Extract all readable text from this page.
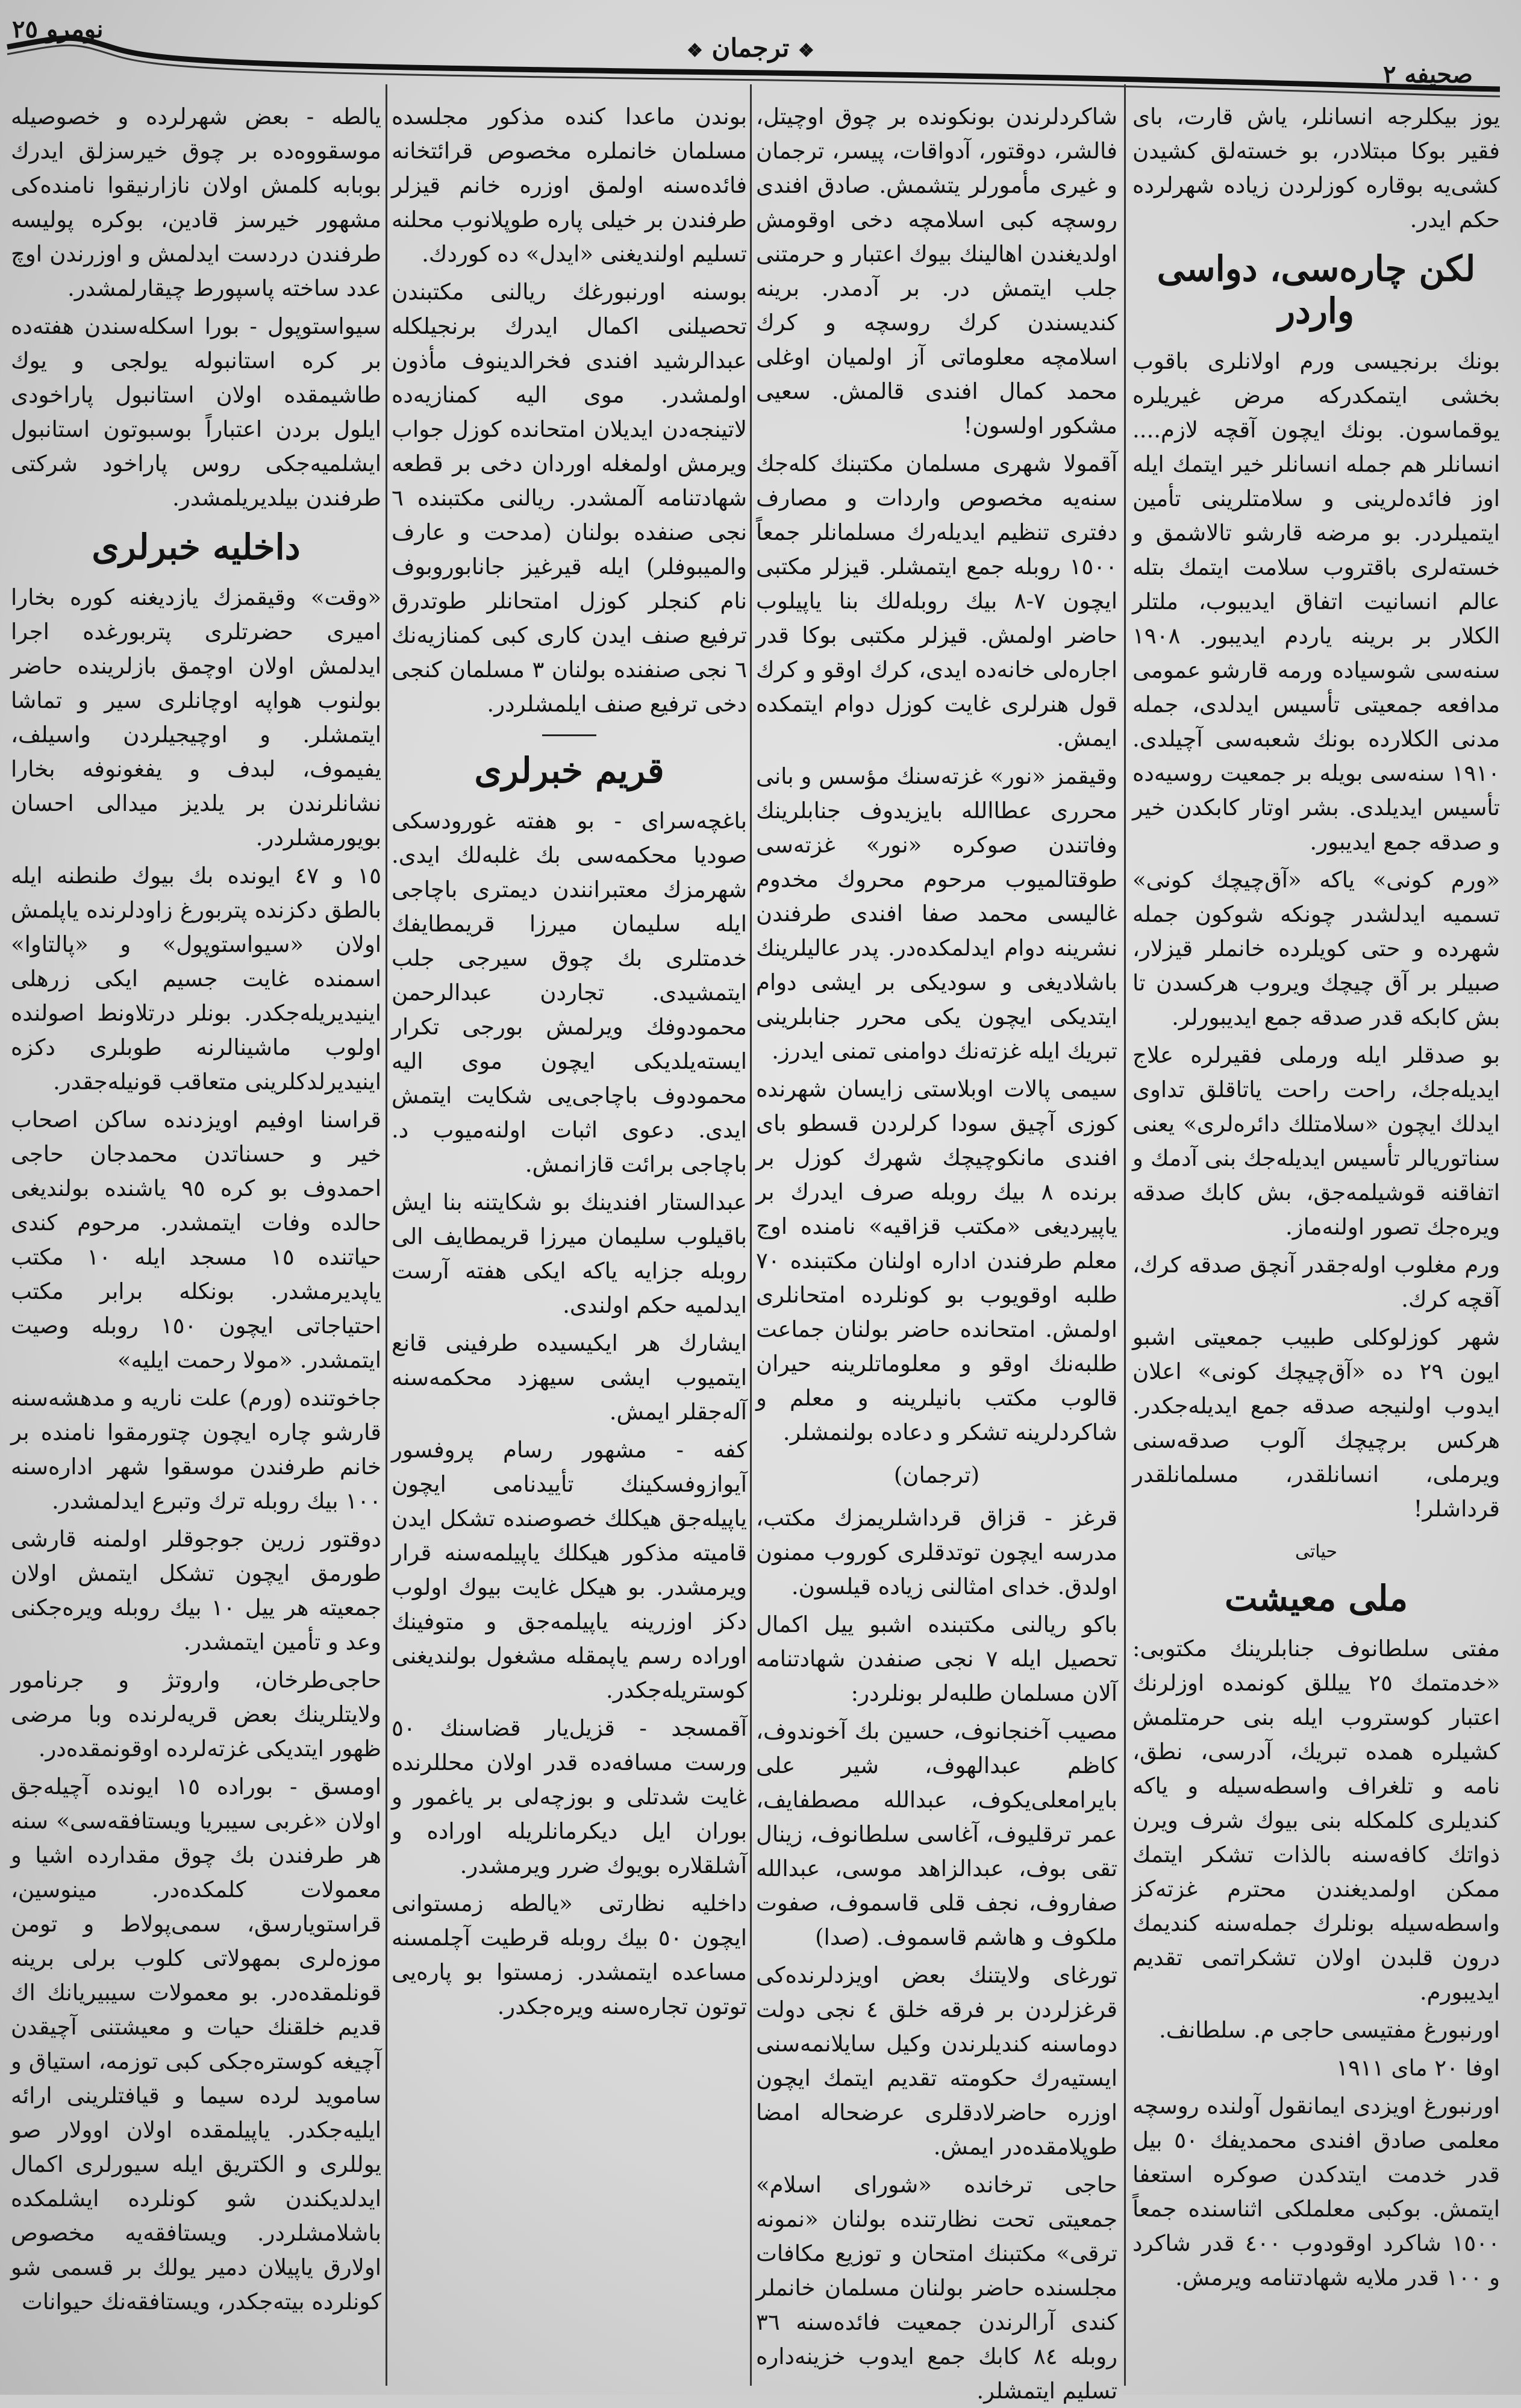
نومرو ٢٥
❖ ترجمان ❖
صحیفه ٢

یوز بیکلرجه انسانلر، یاش قارت، بای فقیر بوکا مبتلادر، بو خسته‌لق کشیدن کشی‌یه بوقاره کوزلردن زیاده شهرلرده حکم ایدر.

لکن چاره‌سی، دواسی واردر

بونك برنجیسی ورم اولانلری باقوب بخشی ایتمکدرکه مرض غیریلره یوقماسون. بونك ایچون آقچه لازم.... انسانلر هم جمله انسانلر خیر ایتمك ایله اوز فائده‌لرینی و سلامتلرینی تأمین ایتمیلردر. بو مرضه قارشو تالاشمق و خسته‌لری باقتروب سلامت ایتمك بتله عالم انسانیت اتفاق ایدیبوب، ملتلر الکلار بر برینه یاردم ایدیبور. ١٩٠٨ سنه‌سی شوسیاده ورمه قارشو عمومی مدافعه جمعیتی تأسیس ایدلدی، جمله مدنی الکلارده بونك شعبه‌سی آچیلدی. ١٩١٠ سنه‌سی بویله بر جمعیت روسیه‌ده تأسیس ایدیلدی. بشر اوتار کابکدن خیر و صدقه جمع ایدیبور.

«ورم کونی» یاکه «آق‌چیچك کونی» تسمیه ایدلشدر چونکه شوکون جمله شهرده و حتی کویلرده خانملر قیزلار، صبیلر بر آق چیچك ویروب هرکسدن تا بش کابکه قدر صدقه جمع ایدیبورلر.

بو صدقلر ایله ورملی فقیرلره علاج ایدیله‌جك، راحت راحت یاتاقلق تداوی ایدلك ایچون «سلامتلك دائره‌لری» یعنی سناتوریالر تأسیس ایدیله‌جك بنی آدمك و اتفاقنه قوشیلمه‌جق، بش کابك صدقه ویره‌جك تصور اولنه‌ماز.

ورم مغلوب اوله‌جقدر آنچق صدقه کرك، آقچه کرك.

شهر کوزلوکلی طبیب جمعیتی اشبو ایون ٢٩ ده «آق‌چیچك کونی» اعلان ایدوب اولنیجه صدقه جمع ایدیلە‌جکدر. هرکس برچیچك آلوب صدقه‌سنی ویرملی، انسانلقدر، مسلمانلقدر قرداشلر!

حیاتی
ملی معیشت

مفتی سلطانوف جنابلرینك مکتوبی: «خدمتمك ٢٥ ییللق کونمده اوزلرنك اعتبار کوستروب ایله بنی حرمتلمش کشیلره همده تبریك، آدرسی، نطق، نامه و تلغراف واسطه‌سیله و یاکه کندیلری کلمکله بنی بیوك شرف ویرن ذواتك کافه‌سنه بالذات تشکر ایتمك ممکن اولمدیغندن محترم غزته‌کز واسطه‌سیله بونلرك جمله‌سنه کندیمك درون قلبدن اولان تشکراتمی تقدیم ایدیبورم.

اورنبورغ مفتیسی حاجی م. سلطانف.

اوفا ٢٠ مای ١٩١١

اورنبورغ اویزدی ایمانقول آولنده روسچه معلمی صادق افندی محمدیفك ٥٠ بیل قدر خدمت ایتدکدن صوکره استعفا ایتمش. بوکبی معلملکی اثناسنده جمعاً ١٥٠٠ شاکرد اوقودوب ٤٠٠ قدر شاکرد و ١٠٠ قدر ملایه شهادتنامه ویرمش.

شاکردلرندن بونکونده بر چوق اوچیتل، فالشر، دوقتور، آدواقات، پیسر، ترجمان و غیری مأمورلر یتشمش. صادق افندی روسچه کبی اسلامچه دخی اوقومش اولدیغندن اهالینك بیوك اعتبار و حرمتنی جلب ایتمش در. بر آدمدر. برینه کندیسندن کرك روسچه و کرك اسلامچه معلوماتی آز اولمیان اوغلی محمد کمال افندی قالمش. سعیی مشکور اولسون!

آقمولا شهری مسلمان مکتبنك کله‌جك سنه‌یه مخصوص واردات و مصارف دفتری تنظیم ایدیله‌رك مسلمانلر جمعاً ١٥٠٠ روبله جمع ایتمشلر. قیزلر مکتبی ایچون ٧-٨ بیك روبله‌لك بنا یاپیلوب حاضر اولمش. قیزلر مکتبی بوکا قدر اجاره‌لی خانه‌ده ایدی، کرك اوقو و کرك قول هنرلری غایت کوزل دوام ایتمکده ایمش.

وقیقمز «نور» غزته‌سنك مؤسس و بانی محرری عطاالله بایزیدوف جنابلرینك وفاتندن صوکره «نور» غزته‌سی طوقتالمیوب مرحوم محروك مخدوم غالیسی محمد صفا افندی طرفندن نشرینه دوام ایدلمکده‌در. پدر عالیلرینك باشلادیغی و سودیکی بر ایشی دوام ایتدیکی ایچون یکی محرر جنابلرینی تبریك ایله غزته‌نك دوامنی تمنی ایدرز.

سیمی پالات اوبلاستی زایسان شهرنده کوزی آچیق سودا کرلردن قسطو بای افندی مانکوچیچك شهرك کوزل بر برنده ٨ بیك روبله صرف ایدرك بر یاپیردیغی «مکتب قزاقیه» نامنده اوج معلم طرفندن اداره اولنان مکتبنده ٧٠ طلبه اوقویوب بو کونلرده امتحانلری اولمش. امتحانده حاضر بولنان جماعت طلبه‌نك اوقو و معلوماتلرینه حیران قالوب مکتب بانیلرینه و معلم و شاکردلرینه تشکر و دعاده بولنمشلر.

(ترجمان)

قرغز - قزاق قرداشلریمزك مکتب، مدرسه ایچون توتدقلری کوروب ممنون اولدق. خدای امثالنی زیاده قیلسون.

باکو ریالنی مکتبنده اشبو ییل اکمال تحصیل ایله ٧ نجی صنفدن شهادتنامه آلان مسلمان طلبه‌لر بونلردر:

مصیب آخنجانوف، حسین بك آخوندوف، کاظم عبدالهوف، شیر علی بایرامعلی‌یکوف، عبدالله مصطفایف، عمر ترقلیوف، آغاسی سلطانوف، زینال تقی بوف، عبدالزاهد موسی، عبدالله صفاروف، نجف قلی قاسموف، صفوت ملکوف و هاشم قاسموف. (صدا)

تورغای ولایتنك بعض اویزدلرنده‌کی قرغزلردن بر فرقه خلق ٤ نجی دولت دوماسنه کندیلرندن وکیل سایلانمه‌سنی ایستیه‌رك حکومته تقدیم ایتمك ایچون اوزره حاضرلادقلری عرضحاله امضا طوپلامقده‌در ایمش.

حاجی ترخانده «شورای اسلام» جمعیتی تحت نظارتنده بولنان «نمونه ترقی» مکتبنك امتحان و توزیع مکافات مجلسنده حاضر بولنان مسلمان خانملر کندی آرالرندن جمعیت فائده‌سنه ٣٦ روبله ٨٤ کابك جمع ایدوب خزینه‌داره تسلیم ایتمشلر.

بوندن ماعدا کنده مذکور مجلسده مسلمان خانملره مخصوص قرائتخانه فائده‌سنه اولمق اوزره خانم قیزلر طرفندن بر خیلی پاره طوپلانوب محلنه تسلیم اولندیغنی «ایدل» ده کوردك.

بوسنه اورنبورغك ریالنی مکتبندن تحصیلنی اکمال ایدرك برنجیلکله عبدالرشید افندی فخرالدینوف مأذون اولمشدر. موی الیه کمنازیه‌ده لاتینجه‌دن ایدیلان امتحانده کوزل جواب ویرمش اولمغله اوردان دخی بر قطعه شهادتنامه آلمشدر. ریالنی مکتبنده ٦ نجی صنفده بولنان (مدحت و عارف والمیبوفلر) ایله قیرغیز جانابوروبوف نام کنجلر کوزل امتحانلر طوتدرق ترفیع صنف ایدن کاری کبی کمنازیه‌نك ٦ نجی صنفنده بولنان ٣ مسلمان کنجی دخی ترفیع صنف ایلمشلردر.

قریم خبرلری

باغچه‌سرای - بو هفته غورودسکی صودیا محکمه‌سی بك غلبه‌لك ایدی. شهرمزك معتبرانندن دیمتری باچاجی ایله سلیمان میرزا قریمطایفك خدمتلری بك چوق سیرجی جلب ایتمشیدی. تجاردن عبدالرحمن محمودوفك ویرلمش بورجی تکرار ایسته‌یلدیکی ایچون موی الیه محمودوف باچاجی‌یی شکایت ایتمش ایدی. دعوی اثبات اولنه‌میوب د. باچاجی برائت قازانمش.

عبدالستار افندینك بو شکایتنه بنا ایش باقیلوب سلیمان میرزا قریمطایف الی روبله جزایه یاکه ایکی هفته آرست ایدلمیه حکم اولندی.

ایشارك هر ایکیسیده طرفینی قانع ایتمیوب ایشی سیهزد محکمه‌سنه آله‌جقلر ایمش.

کفه - مشهور رسام پروفسور آیوازوفسکینك تأییدنامی ایچون یاپیله‌جق هیکلك خصوصنده تشکل ایدن قامیته مذکور هیکلك یاپیلمه‌سنه قرار ویرمشدر. بو هیکل غایت بیوك اولوب دکز اوزرینه یاپیلمه‌جق و متوفینك اوراده رسم یاپمقله مشغول بولندیغنی کوستریله‌جکدر.

آقمسجد - قزیل‌یار قضاسنك ٥٠ ورست مسافه‌ده قدر اولان محللرنده غایت شدتلی و بوزچه‌لی بر یاغمور و بوران ایل دیکرمانلریله اوراده و آشلقلاره بویوك ضرر ویرمشدر.

داخلیه نظارتی «یالطه زمستوانی ایچون ٥٠ بیك روبله قرطیت آچلمسنه مساعده ایتمشدر. زمستوا بو پاره‌یی توتون تجاره‌سنه ویره‌جکدر.

یالطه - بعض شهرلرده و خصوصیله موسقووه‌ده بر چوق خیرسزلق ایدرك بوبابه کلمش اولان نازارنیقوا نامنده‌کی مشهور خیرسز قادین، بوکره پولیسه طرفندن دردست ایدلمش و اوزرندن اوچ عدد ساخته پاسپورط چیقارلمشدر.

سیواستوپول - بورا اسکله‌سندن هفته‌ده بر کره استانبوله یولجی و یوك طاشیمقده اولان استانبول پاراخودی ایلول بردن اعتباراً بوسبوتون استانبول ایشلمیه‌جکی روس پاراخود شرکتی طرفندن بیلدیریلمشدر.

داخلیه خبرلری

«وقت» وقیقمزك یازدیغنه کوره بخارا امیری حضرتلری پتربورغده اجرا ایدلمش اولان اوچمق بازلرینده حاضر بولنوب هواپه اوچانلری سیر و تماشا ایتمشلر. و اوچیجیلردن واسیلف، یفیموف، لبدف و یفغونوفه بخارا نشانلرندن بر یلدیز میدالی احسان بویورمشلردر.

١٥ و ٤٧ ایونده بك بیوك طنطنه ایله بالطق دکزنده پتربورغ زاودلرنده یاپلمش اولان «سیواستوپول» و «پالتاوا» اسمنده غایت جسیم ایکی زرهلی اینیدیریله‌جکدر. بونلر درتلاونط اصولنده اولوب ماشینالرنه طوبلری دکزه اینیدیرلدکلرینی متعاقب قونیله‌جقدر.

قراسنا اوفیم اویزدنده ساکن اصحاب خیر و حسناتدن محمدجان حاجی احمدوف بو کره ٩٥ یاشنده بولندیغی حالده وفات ایتمشدر. مرحوم کندی حیاتنده ١٥ مسجد ایله ١٠ مکتب یاپدیرمشدر. بونکله برابر مکتب احتیاجاتی ایچون ١٥٠ روبله وصیت ایتمشدر. «مولا رحمت ایلیه»

جاخوتنده (ورم) علت ناریه و مدهشه‌سنه قارشو چاره ایچون چتورمقوا نامنده بر خانم طرفندن موسقوا شهر اداره‌سنه ١٠٠ بیك روبله ترك وتبرع ایدلمشدر.

دوقتور زرین جوجوقلر اولمنه قارشی طورمق ایچون تشکل ایتمش اولان جمعیته هر ییل ١٠ بیك روبله ویره‌جکنی وعد و تأمین ایتمشدر.

حاجی‌طرخان، واروتژ و جرنامور ولایتلرینك بعض قریه‌لرنده وبا مرضی ظهور ایتدیکی غزته‌لرده اوقونمقده‌در.

اومسق - بوراده ١٥ ایونده آچیله‌جق اولان «غربی سیبریا ویستافقه‌سی» سنه هر طرفندن بك چوق مقدارده اشیا و معمولات کلمکده‌در. مینوسین، قراستویارسق، سمی‌پولاط و تومن موزه‌لری بمهولاتی کلوب برلی برینه قونلمقده‌در. بو معمولات سیبیریانك اك قدیم خلقنك حیات و معیشتنی آچیقدن آچیغه کوستره‌جکی کبی توزمه، استیاق و ساموید لرده سیما و قیافتلرینی ارائه ایلیه‌جکدر. یاپیلمقده اولان اوولار صو یوللری و الکتریق ایله سیورلری اکمال ایدلدیکندن شو کونلرده ایشلمکده باشلامشلردر. ویستافقه‌یه مخصوص اولارق یاپیلان دمیر یولك بر قسمی شو کونلرده بیته‌جکدر، ویستافقه‌نك حیوانات
